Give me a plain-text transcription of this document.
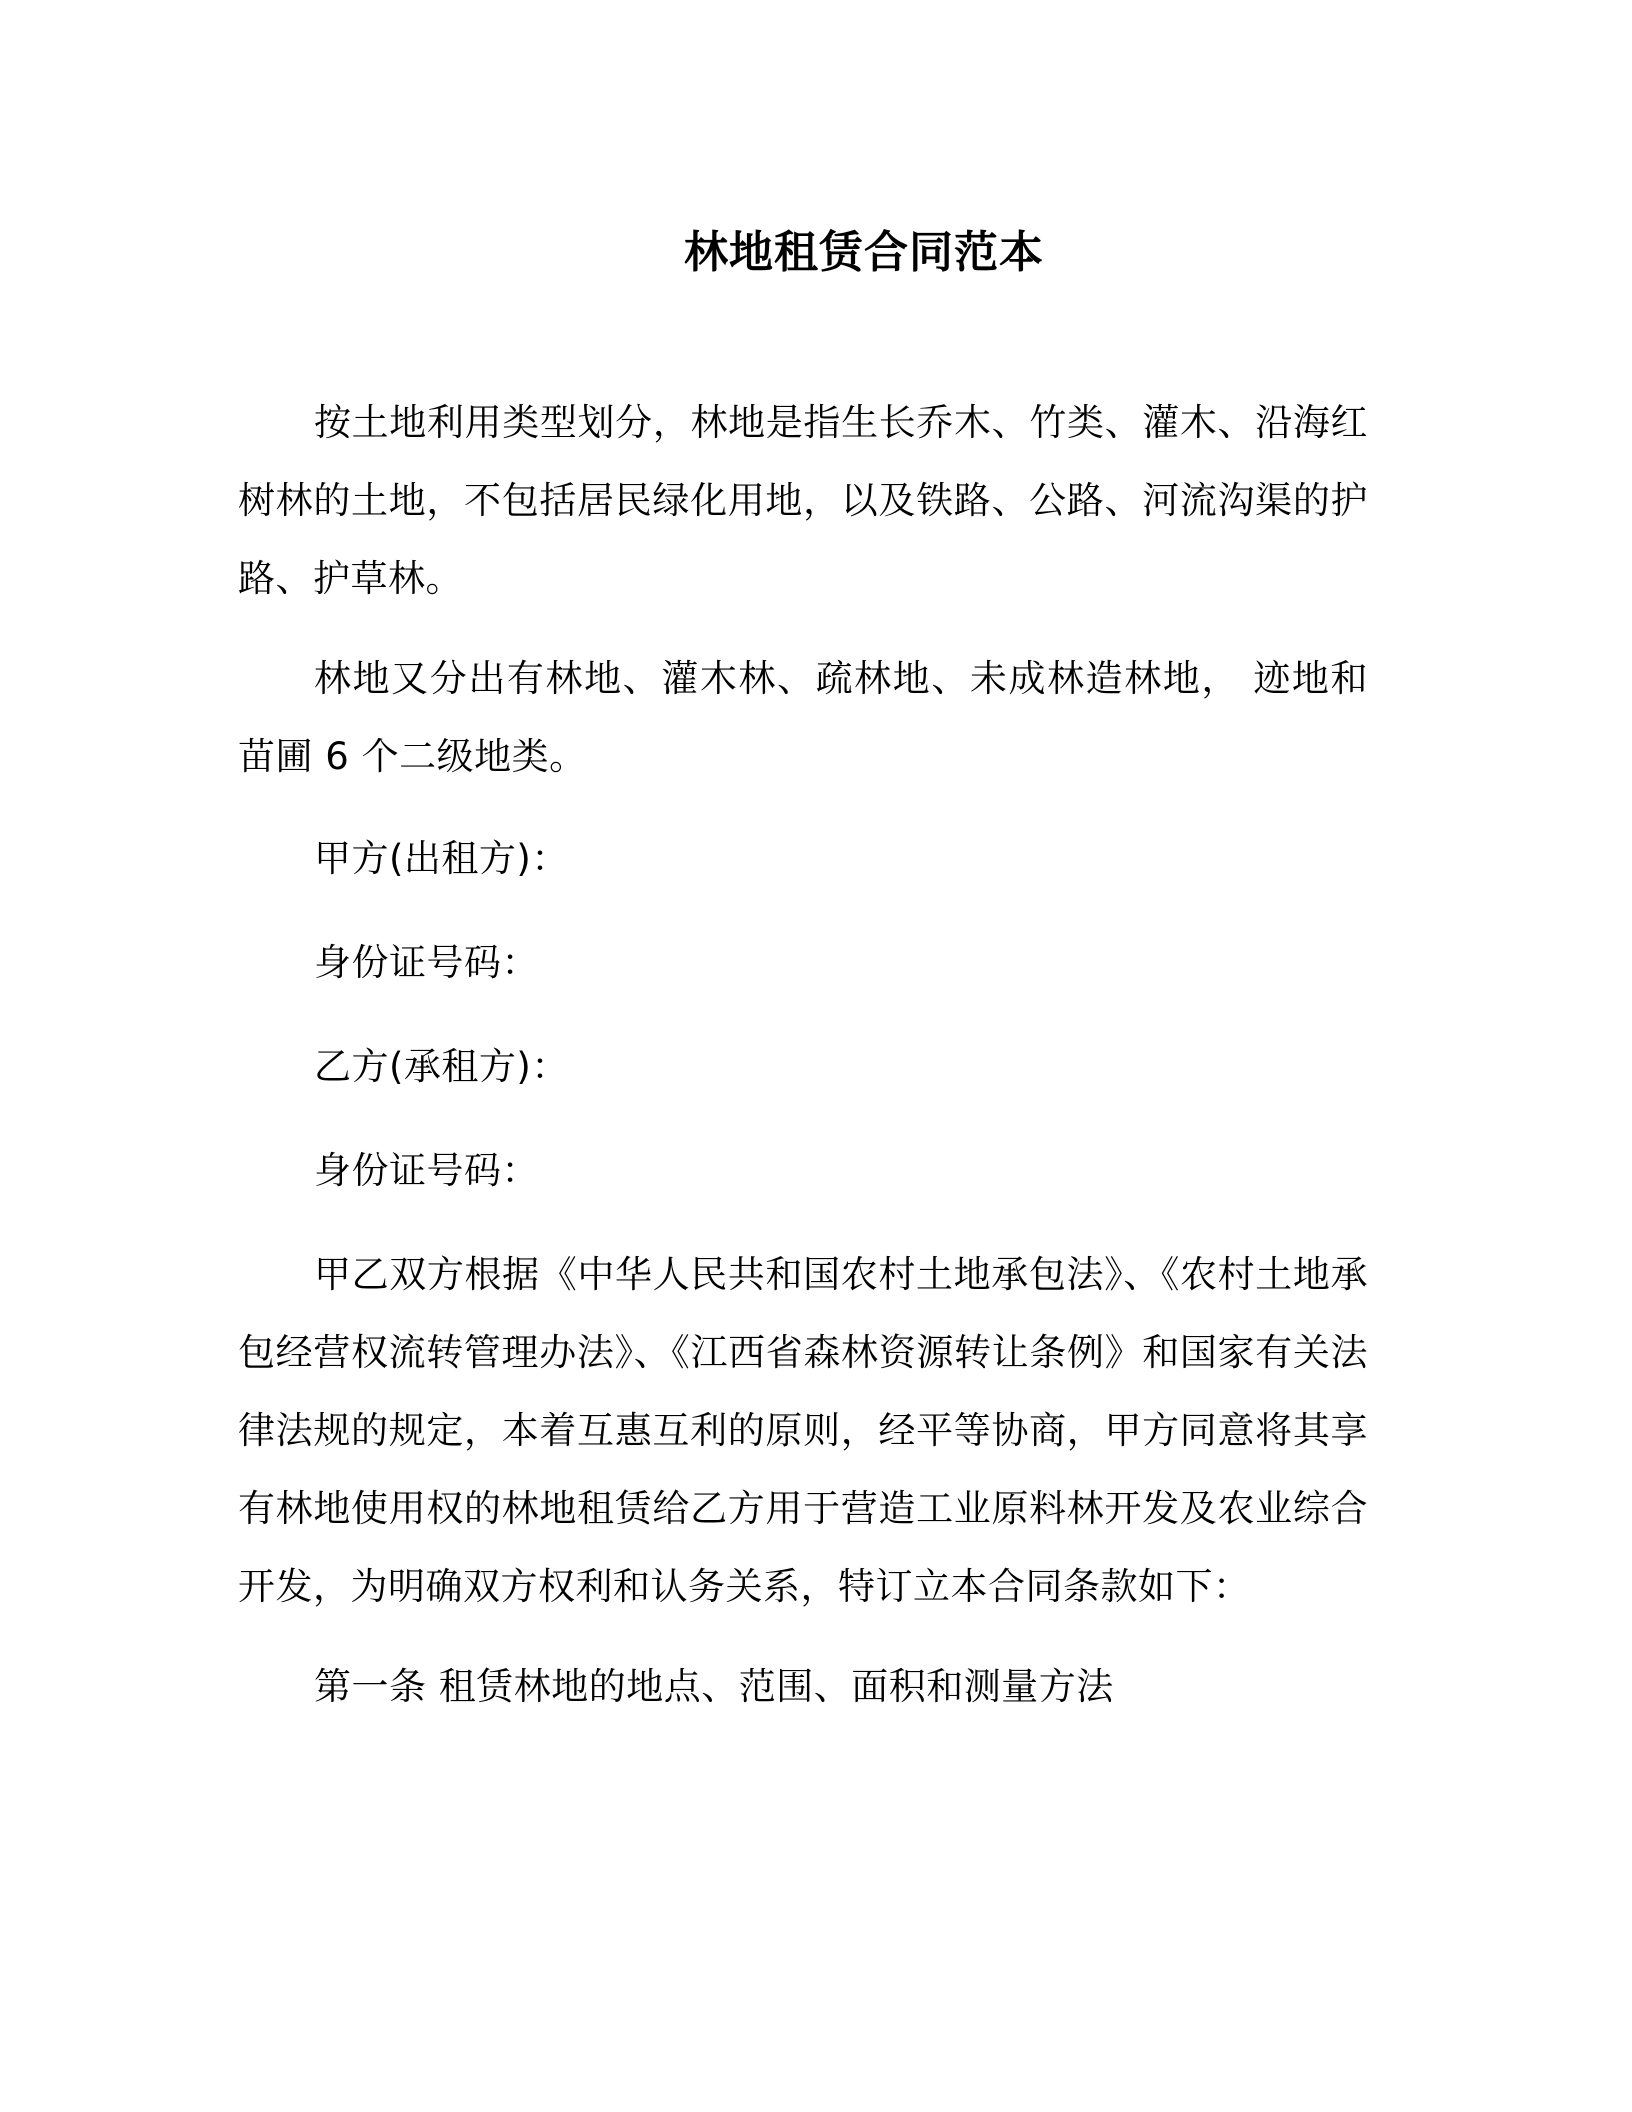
林地租赁合同范本

按土地利用类型划分，林地是指生长乔木、竹类、灌木、沿海红树林的土地，不包括居民绿化用地，以及铁路、公路、河流沟渠的护路、护草林。

林地又分出有林地、灌木林、疏林地、未成林造林地， 迹地和苗圃 6 个二级地类。

甲方(出租方)：

身份证号码：

乙方(承租方)：

身份证号码：

甲乙双方根据《中华人民共和国农村土地承包法》、《农村土地承包经营权流转管理办法》、《江西省森林资源转让条例》和国家有关法律法规的规定，本着互惠互利的原则，经平等协商，甲方同意将其享有林地使用权的林地租赁给乙方用于营造工业原料林开发及农业综合开发，为明确双方权利和认务关系，特订立本合同条款如下：

第一条 租赁林地的地点、范围、面积和测量方法
